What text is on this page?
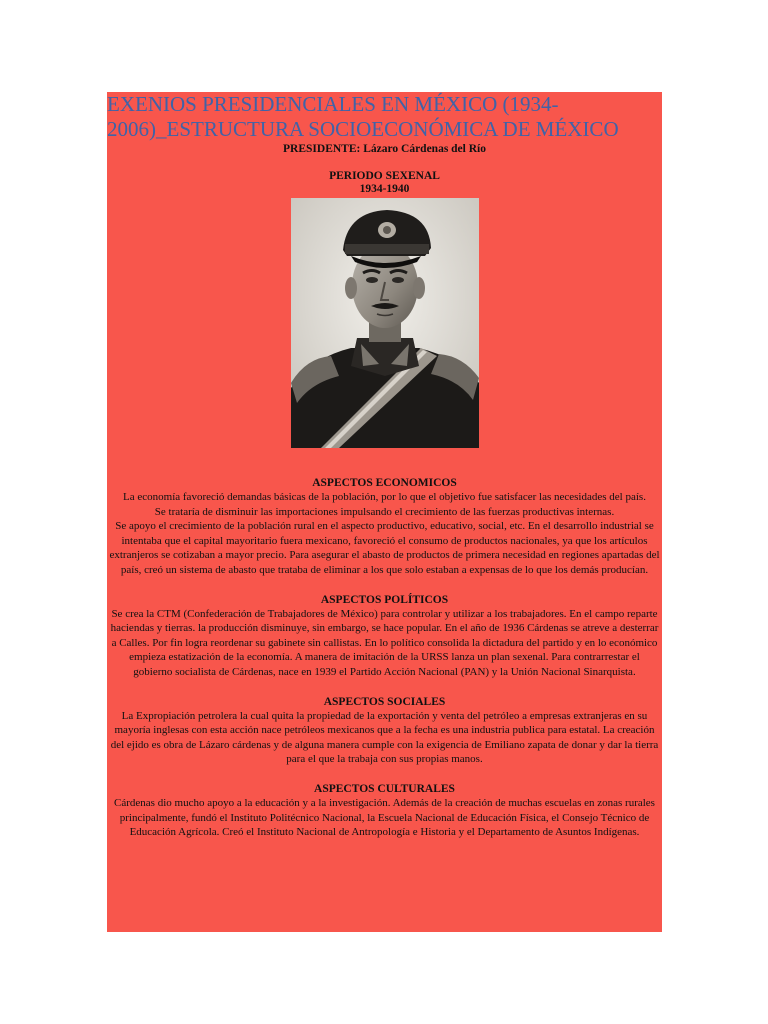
EXENIOS PRESIDENCIALES EN MÉXICO (1934-
2006)_ESTRUCTURA SOCIOECONÓMICA DE MÉXICO
PRESIDENTE: Lázaro Cárdenas del Río
PERIODO SEXENAL
1934-1940
ASPECTOS ECONOMICOS
La economía favoreció demandas básicas de la población, por lo que el objetivo fue satisfacer las necesidades del país.
Se trataría de disminuir las importaciones impulsando el crecimiento de las fuerzas productivas internas.
Se apoyo el crecimiento de la población rural en el aspecto productivo, educativo, social, etc. En el desarrollo industrial se intentaba que el capital mayoritario fuera mexicano, favoreció el consumo de productos nacionales, ya que los artículos extranjeros se cotizaban a mayor precio. Para asegurar el abasto de productos de primera necesidad en regiones apartadas del país, creó un sistema de abasto que trataba de eliminar a los que solo estaban a expensas de lo que los demás producían.
ASPECTOS POLÍTICOS
Se crea la CTM (Confederación de Trabajadores de México) para controlar y utilizar a los trabajadores. En el campo reparte haciendas y tierras. la producción disminuye, sin embargo, se hace popular. En el año de 1936 Cárdenas se atreve a desterrar a Calles. Por fin logra reordenar su gabinete sin callistas. En lo político consolida la dictadura del partido y en lo económico empieza estatización de la economía. A manera de imitación de la URSS lanza un plan sexenal. Para contrarrestar el gobierno socialista de Cárdenas, nace en 1939 el Partido Acción Nacional (PAN) y la Unión Nacional Sinarquista.
ASPECTOS SOCIALES
La Expropiación petrolera la cual quita la propiedad de la exportación y venta del petróleo a empresas extranjeras en su mayoría inglesas con esta acción nace petróleos mexicanos que a la fecha es una industria publica para estatal. La creación del ejido es obra de Lázaro cárdenas y de alguna manera cumple con la exigencia de Emiliano zapata de donar y dar la tierra para el que la trabaja con sus propias manos.
ASPECTOS CULTURALES
Cárdenas dio mucho apoyo a la educación y a la investigación. Además de la creación de muchas escuelas en zonas rurales principalmente, fundó el Instituto Politécnico Nacional, la Escuela Nacional de Educación Física, el Consejo Técnico de Educación Agrícola. Creó el Instituto Nacional de Antropología e Historia y el Departamento de Asuntos Indígenas.
